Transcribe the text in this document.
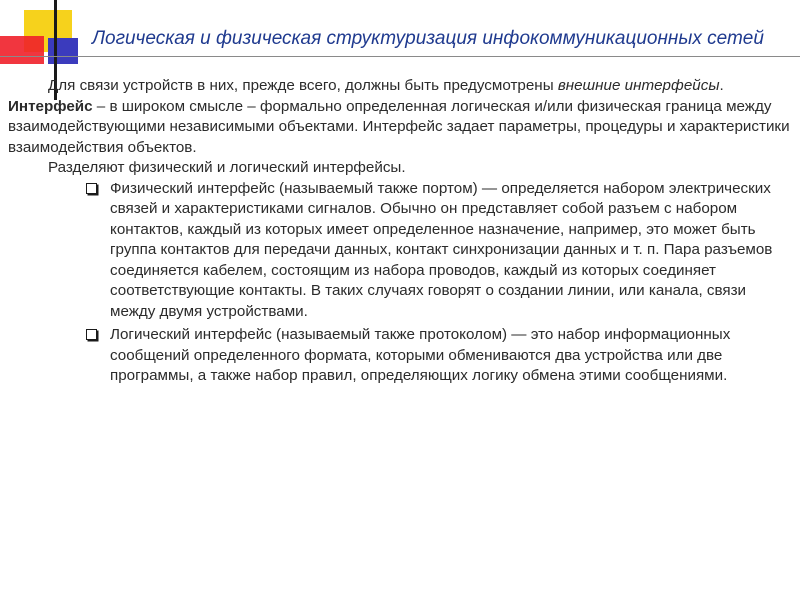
Логическая и физическая структуризация инфокоммуникационных сетей

Для связи устройств в них, прежде всего, должны быть предусмотрены внешние интерфейсы. Интерфейс – в широком смысле – формально определенная логическая и/или физическая граница между взаимодействующими независимыми объектами. Интерфейс задает параметры, процедуры и характеристики взаимодействия объектов.

Разделяют физический и логический интерфейсы.

Физический интерфейс (называемый также портом) — определяется набором электрических связей и характеристиками сигналов. Обычно он представляет собой разъем с набором контактов, каждый из которых имеет определенное назначение, например, это может быть группа контактов для передачи данных, контакт синхронизации данных и т. п. Пара разъемов соединяется кабелем, состоящим из набора проводов, каждый из которых соединяет соответствующие контакты. В таких случаях говорят о создании линии, или канала, связи между двумя устройствами.
Логический интерфейс (называемый также протоколом) — это набор информационных сообщений определенного формата, которыми обмениваются два устройства или две программы, а также набор правил, определяющих логику обмена этими сообщениями.
